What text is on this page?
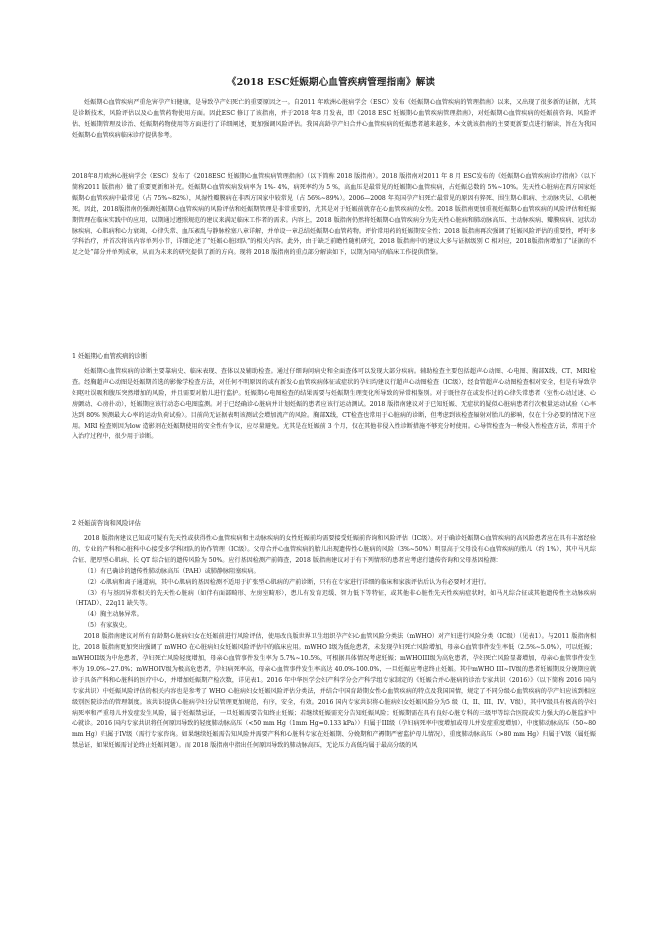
《2018 ESC妊娠期心血管疾病管理指南》解读

妊娠期心血管疾病严重危害孕产妇健康，是导致孕产妇死亡的重要原因之一。自2011 年欧洲心脏病学会（ESC）发布《妊娠期心血管疾病的管理指南》以来，又出现了很多新的证据，尤其是诊断技术，风险评估以及心血管药物使用方面。因此ESC 修订了该指南，并于2018 年8 月发表，即《2018 ESC 妊娠期心血管疾病管理指南》，对妊娠期心血管疾病的妊娠前咨询、风险评估、妊娠期管理及诊治、妊娠期药物使用等方面进行了详细阐述，更加强调风险评估。我国高龄孕产妇合并心血管疾病的妊娠患者越来越多，本文就该指南的主要更新要点进行解读，旨在为我国妊娠期心血管疾病临床诊疗提供参考。

2018年8月欧洲心脏病学会（ESC）发布了《2018ESC 妊娠期心血管疾病管理指南》（以下简称 2018 版指南）。2018 版指南对2011 年 8 月 ESC发布的《妊娠期心血管疾病诊疗指南》（以下简称2011 版指南）做了重要更新和补充。妊娠期心血管疾病发病率为 1%- 4%，病死率约为 5 %，高血压是最常见的妊娠期心血管疾病，占妊娠总数的 5%~10%。先天性心脏病在西方国家妊娠期心血管疾病中最常见（占 75%~82%），风湿性瓣膜病在非西方国家中较常见（占 56%~89%）。2006—2008 年英国孕产妇死亡最常见的原因有猝死、围生期心肌病、主动脉夹层、心肌梗死。因此，2018版指南仍强调妊娠期心血管疾病的风险评估和妊娠期管理是非常重要的，尤其是对于妊娠前就存在心血管疾病的女性。2018 版指南更加重视妊娠期心血管疾病的风险评估和妊娠期管理在临床实践中的应用，以期通过遵照规范的建议来满足临床工作者的需求。内容上，2018 版指南仍然将妊娠期心血管疾病分为先天性心脏病和肺动脉高压、主动脉疾病、瓣膜疾病、冠状动脉疾病、心肌病和心力衰竭、心律失常、血压紊乱与静脉栓塞八章详解，并单设一章总结妊娠期心血管药物。评价常用药的妊娠期安全性；2018 版指南再次强调了妊娠风险评估的重要性，呼吁多学科治疗，并首次将该内容单列小节，详细论述了“妊娠心脏团队”的相关内容。此外，由于缺乏前瞻性随机研究，2018 版指南中的建议大多与证据级别 C 相对应，2018版指南增加了“证据的不足之处”部分并单列成章，从而为未来的研究提供了新的方向。现将 2018 版指南的重点部分解读如下，以期为国内的临床工作提供借鉴。

1 妊娠期心血管疾病的诊断

妊娠期心血管疾病的诊断主要靠病史、临床表现、查体以及辅助检查。通过仔细询问病史和全面查体可以发现大部分疾病。辅助检查主要包括超声心动图、心电图、胸部X线、CT、MRI检查。经胸超声心动图是妊娠期首选的影像学检查方法，对任何不明原因的或有新发心血管疾病体征或症状的孕妇均建议行超声心动图检查（IC级），经食管超声心动图检查相对安全，但是有导致孕妇呕吐误吸和腹压突然增加的风险，并且需要对胎儿进行监护。妊娠期心电图检查的结果需要与妊娠期生理变化所导致的异常相鉴别。对于既往存在或发作过的心律失常患者（室性心动过速、心房颤动、心房扑动），妊娠期应该行动态心电图监测。对于已经确诊心脏病并计划妊娠的患者应该行运动测试。2018 版指南建议对于已知妊娠、无症状的疑似心脏病患者行次极量运动试验（心率达到 80% 预测最大心率的运动负荷试验）。目前尚无证据表明该测试会增加流产的风险。胸部X线，CT检查也常用于心脏病的诊断，但考虑到该检查辐射对胎儿的影响，仅在十分必要的情况下应用。MRI 检查则因为low 造影剂在妊娠期使用的安全性有争议，应尽量避免。尤其是在妊娠前 3 个月，仅在其他非侵入性诊断措施不够充分时使用。心导管检查为一种侵入性检查方法，常用于介入治疗过程中，很少用于诊断。

2 妊娠前咨询和风险评估

2018 版指南建议已知或可疑有先天性或获得性心血管疾病和主动脉疾病的女性妊娠前均需要接受妊娠前咨询和风险评估（IC级）。对于确诊妊娠期心血管疾病的高风险患者应在具有丰富经验的、专业的产科和心脏科中心接受多学科团队的协作管理（IC级）。父母合并心血管疾病的胎儿出现遗传性心脏病的风险（3%~50%）明显高于父母没有心血管疾病的胎儿（约 1%），其中马凡综合征、肥厚型心肌病、长 QT 综合征的遗传风险为 50%。应行基因检测产前筛查，2018 版指南建议对于有下列情形的患者应考虑行遗传咨询和父母基因检测：

（1）有已确诊的遗传性肺动脉高压（PAH）或肺静脉阻塞疾病。

（2）心肌病和离子通道病，其中心肌病的基因检测不适用于扩张型心肌病的产前诊断，只有在专家进行详细的临床和家族评估后认为有必要时才进行。

（3）有与基因异常相关的先天性心脏病（如伴有面部畸形、左房室畸形），患儿有发育迟缓、智力低下等特征，或其他非心脏性先天性疾病症状时，如马凡综合征或其他遗传性主动脉疾病（HTAD）、22q11 缺失等。

（4）胸主动脉异常。

（5）有家族史。

2018 版指南建议对所有育龄期心脏病妇女在妊娠前进行风险评估，使用改良版世界卫生组织孕产妇心血管风险分类法（mWHO）对产妇进行风险分类（IC级）（见表1）。与2011 版指南相比，2018 版指南更加突出强调了 mWHO 在心脏病妇女妊娠风险评估中的临床应用。mWHO I级为低危患者，未发现孕妇死亡风险增加，母亲心血管事件发生率低（2.5%~5.0%），可以妊娠；mWHOII级为中危患者，孕妇死亡风险轻度增加，母亲心血管事件发生率为 5.7%~10.5%，可根据具体情况考虑妊娠；mWHOIII级为高危患者，孕妇死亡风险显著增加，母亲心血管事件发生率为 19.0%~27.0%；mWHOIV级为极高危患者，孕妇病死率高，母亲心血管事件发生率高达 40.0%-100.0%，一旦妊娠应考虑终止妊娠。其中mWHO III~IV级的患者妊娠期及分娩期应就诊于具备产科和心脏科的医疗中心，并增加妊娠期产检次数，详见表1。2016 年中华医学会妇产科学分会产科学组专家制定的《妊娠合并心脏病的诊治专家共识（2016）》（以下简称 2016 国内专家共识）中妊娠风险评估的相关内容也是参考了 WHO 心脏病妇女妊娠风险评估分类法，并结合中国育龄期女性心血管疾病的特点及我国国情，规定了不同分级心血管疾病的孕产妇应该到相应级别医院诊治的管理制度。该共识提供心脏病孕妇分层管理更加规范，有序，安全，有效。2016 国内专家共识将心脏病妇女妊娠风险分为5 级（I、II、III、IV、V级），其中V级具有极高的孕妇病死率和严重母儿并发症发生风险，属于妊娠禁忌证，一旦妊娠需要告知终止妊娠；若继续妊娠需充分告知妊娠风险；妊娠期需在具有良好心脏专科的三级甲等综合医院或实力强大的心脏监护中心就诊。2016 国内专家共识将任何原因导致的轻度肺动脉高压（<50 mm Hg（1mm Hg=0.133 kPa））归属于III级（孕妇病死率中度增加或母儿并发症重度增加），中度肺动脉高压（50~80 mm Hg）归属于IV级（需行专家咨询。如果继续妊娠需告知风险并需要产科和心脏科专家在妊娠期、分娩期和产褥期严密监护母儿情况），重度肺动脉高压（>80 mm Hg）归属于V级（属妊娠禁忌证，如果妊娠需讨论终止妊娠问题）。而 2018 版指南中指出任何原因导致的肺动脉高压，无论压力高低均属于最高分级的风
